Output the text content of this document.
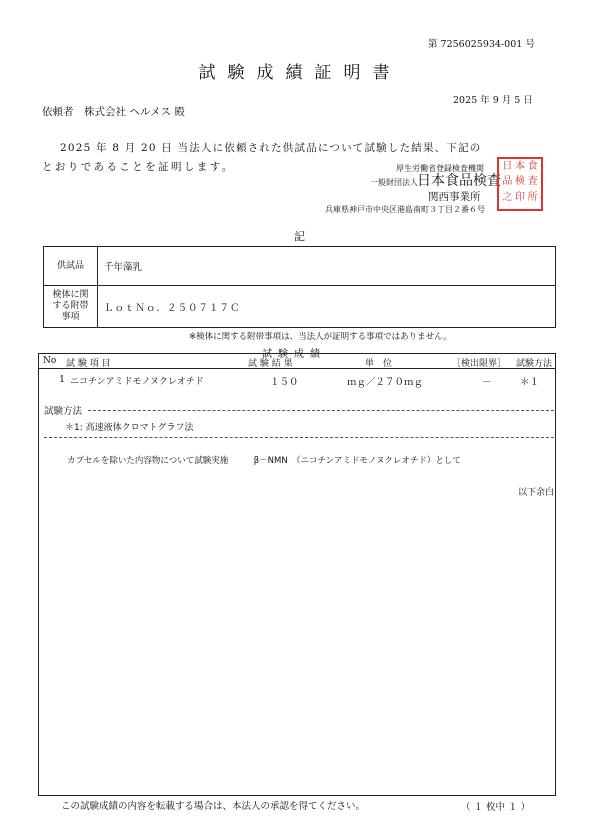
第 7256025934-001 号
試験成績証明書
2025 年 9 月 5 日
依頼者　株式会社 ヘルメス 殿
2025 年 8 月 20 日 当法人に依頼された供試品について試験した結果、下記の
とおりであることを証明します。	厚生労働省登録検査機関
一般財団法人 日本食品検査
関西事業所
兵庫県神戸市中央区港島南町３丁目２番６号
日 本 食
品 検 査
之 印 所
記
供試品	千年藻乳
検体に関する附帯事項	ＬｏｔＮｏ．２５０７１７Ｃ
※検体に関する附帯事項は、当法人が証明する事項ではありません。
試験成績
No 試 験 項 目	試 験 結 果	単　位	［検出限界］ 試験方法
1 ニコチンアミドモノヌクレオチド	１５０	ｍｇ／２７０ｍｇ	－	＊１
試験方法
＊1: 高速液体クロマトグラフ法
カプセルを除いた内容物について試験実施　　　β－NMN　（ニコチンアミドモノヌクレオチド）として
以下余白
この試験成績の内容を転載する場合は、本法人の承認を得てください。	（ １ 枚中 １ ）
